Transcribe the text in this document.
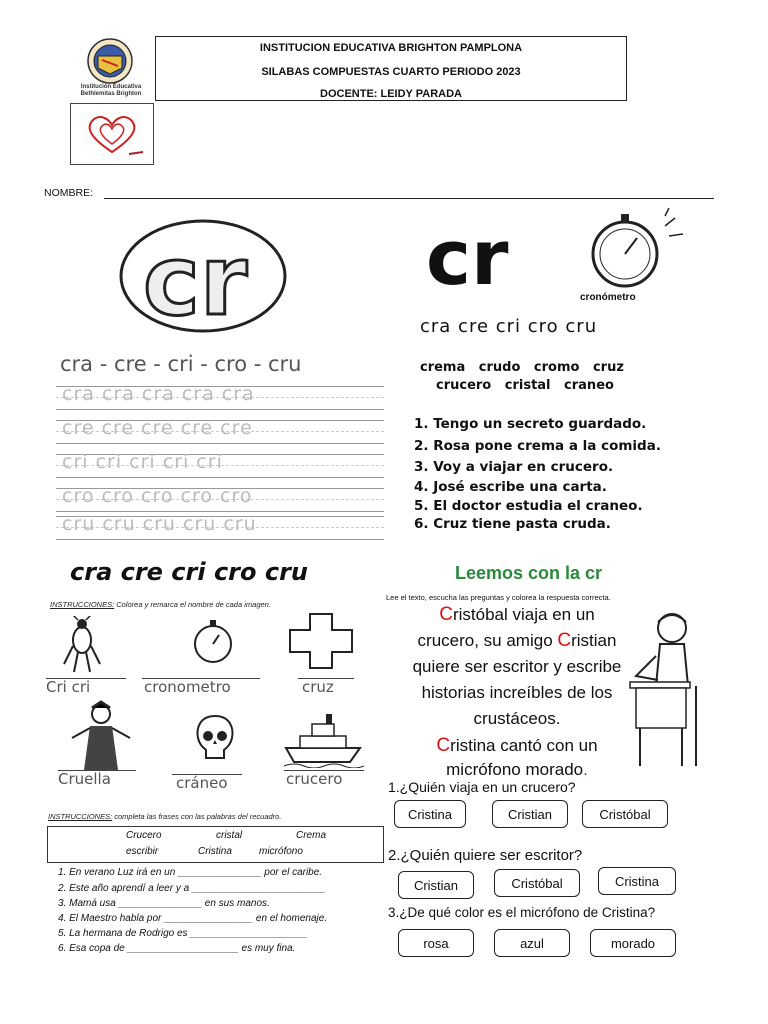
Institución Educativa
Bethlemitas Brighton
INSTITUCION EDUCATIVA BRIGHTON PAMPLONA
SILABAS COMPUESTAS CUARTO PERIODO 2023
DOCENTE: LEIDY PARADA
NOMBRE:
cr
cra - cre - cri - cro - cru
cra cra cra cra cra
cre cre cre cre cre
cri cri cri cri cri
cro cro cro cro cro
cru cru cru cru cru
cr	cronómetro
cra cre cri cro cru
crema crudo cromo cruz
crucero cristal craneo
1. Tengo un secreto guardado.
2. Rosa pone crema a la comida.
3. Voy a viajar en crucero.
4. José escribe una carta.
5. El doctor estudia el craneo.
6. Cruz tiene pasta cruda.
cra cre cri cro cru
INSTRUCCIONES: Colorea y remarca el nombre de cada imagen.
Cri cri	cronometro	cruz
Cruella	cráneo	crucero
INSTRUCCIONES: completa las frases con las palabras del recuadro.
Crucero	cristal	Crema
escribir	Cristina	micrófono
1. En verano Luz irá en un _______________ por el caribe.
2. Este año aprendí a leer y a ________________________
3. Mamá usa _______________ en sus manos.
4. El Maestro habla por ________________ en el homenaje.
5. La hermana de Rodrigo es _____________________
6. Esa copa de ____________________ es muy fina.
Leemos con la cr
Lee el texto, escucha las preguntas y colorea la respuesta correcta.
Cristóbal viaja en un
crucero, su amigo Cristian
quiere ser escritor y escribe
historias increíbles de los
crustáceos.
Cristina cantó con un
micrófono morado.
1.¿Quién viaja en un crucero?
Cristina	Cristian	Cristóbal
2.¿Quién quiere ser escritor?
Cristian	Cristóbal	Cristina
3.¿De qué color es el micrófono de Cristina?
rosa	azul	morado
